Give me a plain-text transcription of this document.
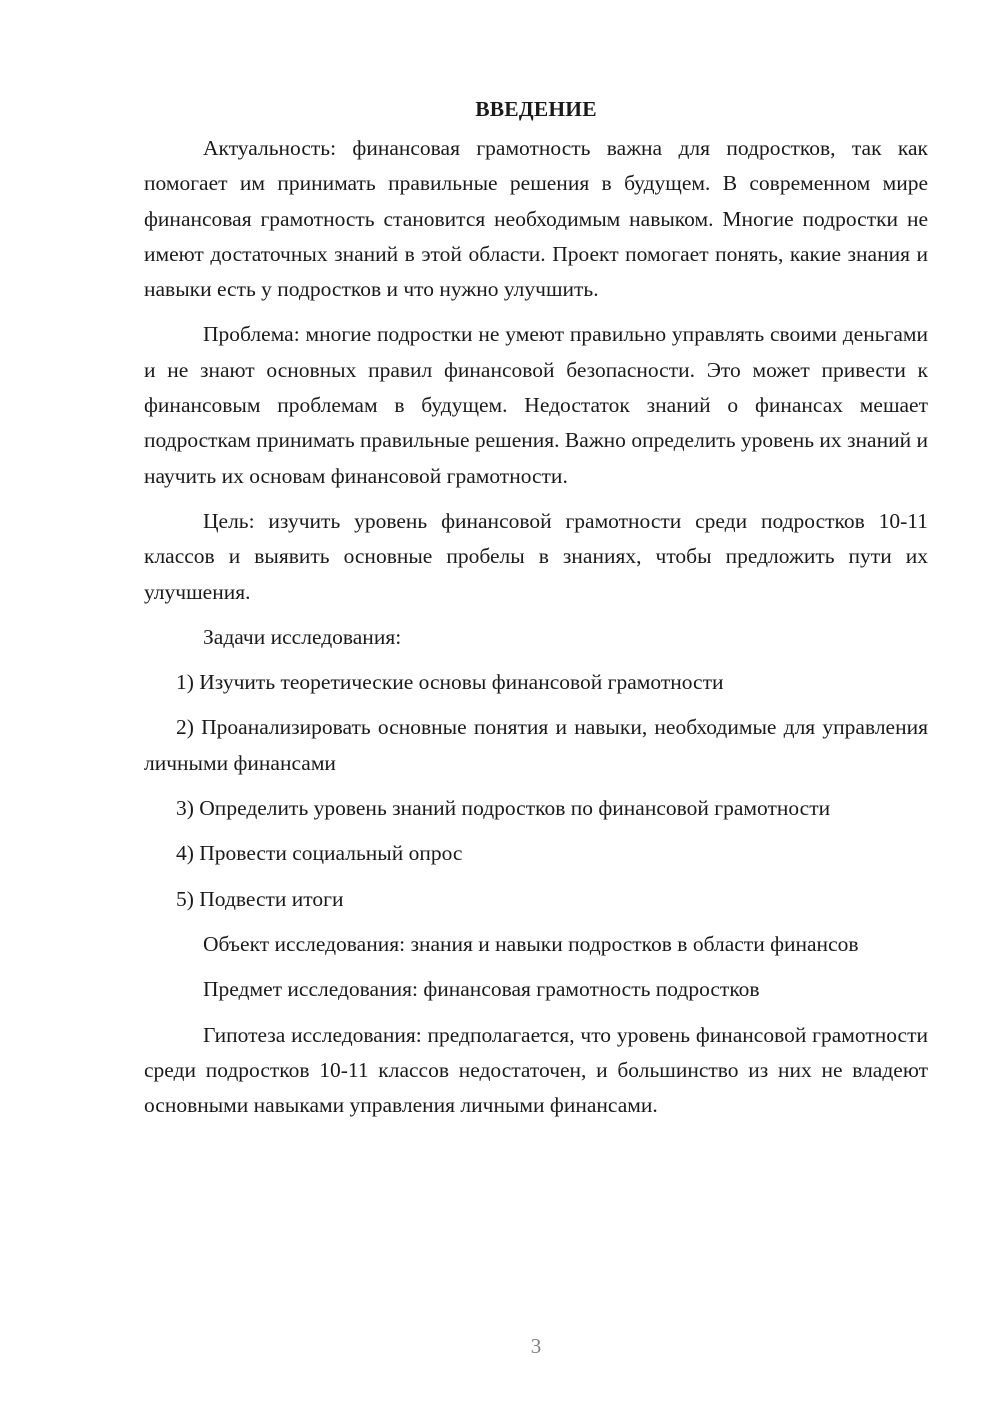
ВВЕДЕНИЕ

Актуальность: финансовая грамотность важна для подростков, так как помогает им принимать правильные решения в будущем. В современном мире финансовая грамотность становится необходимым навыком. Многие подростки не имеют достаточных знаний в этой области. Проект помогает понять, какие знания и навыки есть у подростков и что нужно улучшить.

Проблема: многие подростки не умеют правильно управлять своими деньгами и не знают основных правил финансовой безопасности. Это может привести к финансовым проблемам в будущем. Недостаток знаний о финансах мешает подросткам принимать правильные решения. Важно определить уровень их знаний и научить их основам финансовой грамотности.

Цель: изучить уровень финансовой грамотности среди подростков 10-11 классов и выявить основные пробелы в знаниях, чтобы предложить пути их улучшения.

Задачи исследования:

1) Изучить теоретические основы финансовой грамотности

2) Проанализировать основные понятия и навыки, необходимые для управления личными финансами

3) Определить уровень знаний подростков по финансовой грамотности

4) Провести социальный опрос

5) Подвести итоги

Объект исследования: знания и навыки подростков в области финансов

Предмет исследования: финансовая грамотность подростков

Гипотеза исследования: предполагается, что уровень финансовой грамотности среди подростков 10-11 классов недостаточен, и большинство из них не владеют основными навыками управления личными финансами.

3
